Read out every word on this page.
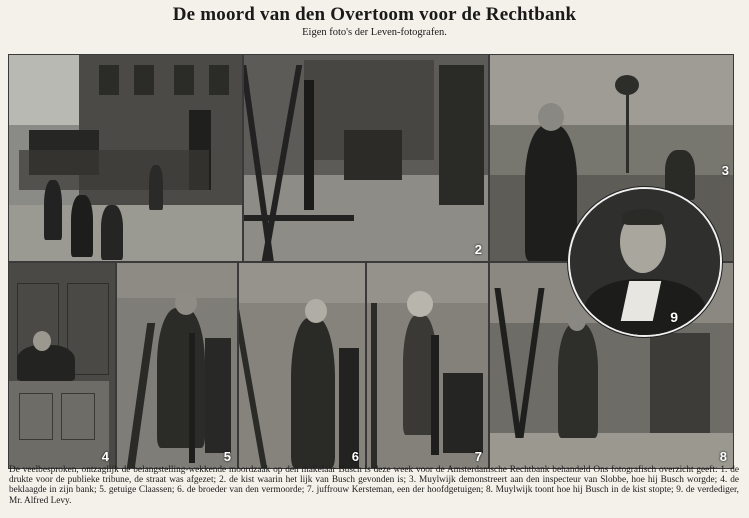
De moord van den Overtoom voor de Rechtbank
Eigen foto's der Leven-fotografen.
2
3
4	5	6	7	8
9
De veelbesproken, ontzaglijk de belangstelling-wekkende moordzaak op den makelaar Busch is deze week voor de Amsterdamsche Rechtbank behandeld Ons fotografisch overzicht geeft: 1. de drukte voor de publieke tribune, de straat was afgezet; 2. de kist waarin het lijk van Busch gevonden is; 3. Muylwijk demonstreert aan den inspecteur van Slobbe, hoe hij Busch worgde; 4. de beklaagde in zijn bank; 5. getuige Claassen; 6. de broeder van den vermoorde; 7. juffrouw Kersteman, een der hoofdgetuigen; 8. Muylwijk toont hoe hij Busch in de kist stopte; 9. de verdediger, Mr. Alfred Levy.
